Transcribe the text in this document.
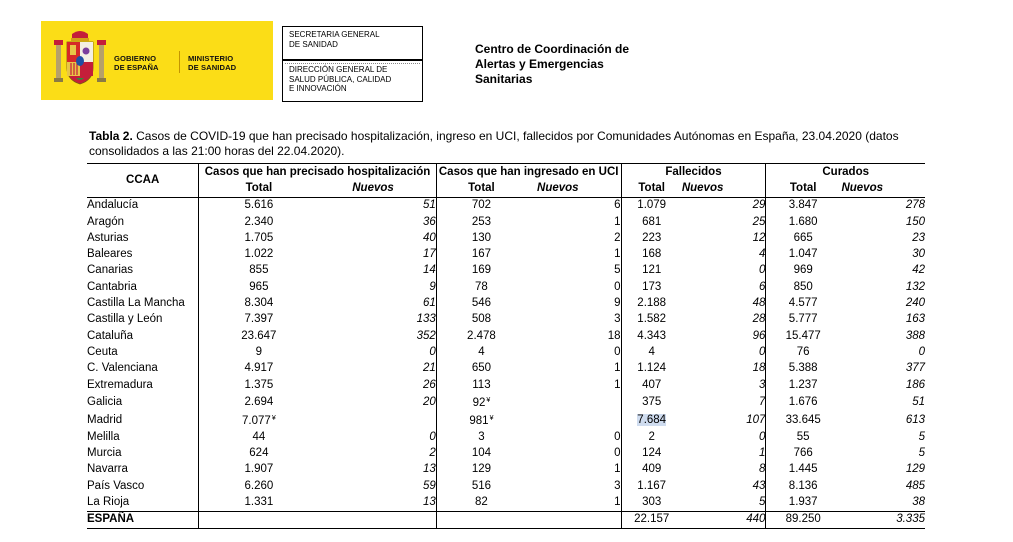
GOBIERNO
DE ESPAÑA
MINISTERIO
DE SANIDAD
SECRETARIA GENERAL
DE SANIDAD
DIRECCIÓN GENERAL DE
SALUD PÚBLICA, CALIDAD
E INNOVACIÓN
Centro de Coordinación de
Alertas y Emergencias
Sanitarias
Tabla 2. Casos de COVID-19 que han precisado hospitalización, ingreso en UCI, fallecidos por Comunidades Autónomas en España, 23.04.2020 (datos consolidados a las 21:00 horas del 22.04.2020).
CCAA	Casos que han precisado hospitalización		Casos que han ingresado en UCI		Fallecidos		Curados	
	Total	Nuevos	Total	Nuevos	Total	Nuevos	Total	Nuevos
Andalucía	5.616	51	702	6	1.079	29	3.847	278
Aragón	2.340	36	253	1	681	25	1.680	150
Asturias	1.705	40	130	2	223	12	665	23
Baleares	1.022	17	167	1	168	4	1.047	30
Canarias	855	14	169	5	121	0	969	42
Cantabria	965	9	78	0	173	6	850	132
Castilla La Mancha	8.304	61	546	9	2.188	48	4.577	240
Castilla y León	7.397	133	508	3	1.582	28	5.777	163
Cataluña	23.647	352	2.478	18	4.343	96	15.477	388
Ceuta	9	0	4	0	4	0	76	0
C. Valenciana	4.917	21	650	1	1.124	18	5.388	377
Extremadura	1.375	26	113	1	407	3	1.237	186
Galicia	2.694	20	92¥		375	7	1.676	51
Madrid	7.077¥		981¥		7.684	107	33.645	613
Melilla	44	0	3	0	2	0	55	5
Murcia	624	2	104	0	124	1	766	5
Navarra	1.907	13	129	1	409	8	1.445	129
País Vasco	6.260	59	516	3	1.167	43	8.136	485
La Rioja	1.331	13	82	1	303	5	1.937	38
ESPAÑA					22.157	440	89.250	3.335
